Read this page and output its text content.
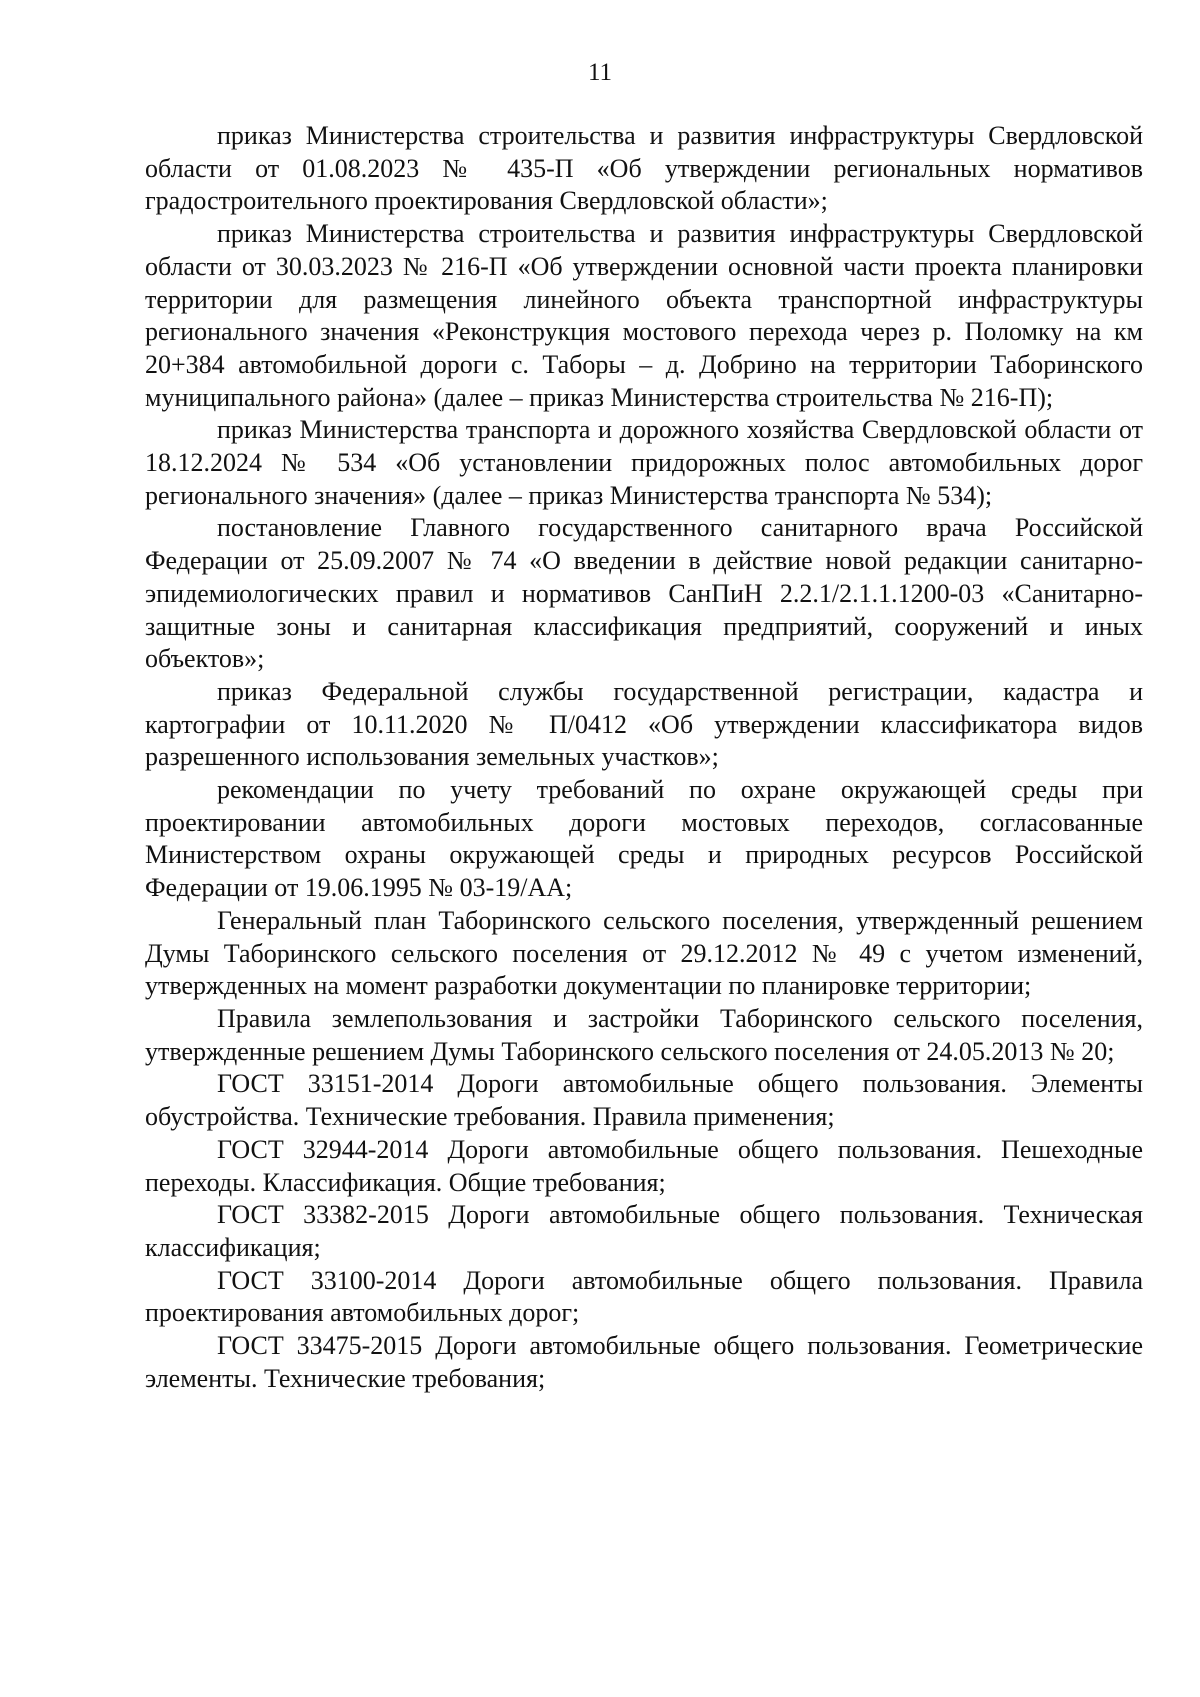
11

приказ Министерства строительства и развития инфраструктуры Свердловской области от 01.08.2023 № 435-П «Об утверждении региональных нормативов градостроительного проектирования Свердловской области»;

приказ Министерства строительства и развития инфраструктуры Свердловской области от 30.03.2023 № 216-П «Об утверждении основной части проекта планировки территории для размещения линейного объекта транспортной инфраструктуры регионального значения «Реконструкция мостового перехода через р. Поломку на км 20+384 автомобильной дороги с. Таборы – д. Добрино на территории Таборинского муниципального района» (далее – приказ Министерства строительства № 216-П);

приказ Министерства транспорта и дорожного хозяйства Свердловской области от 18.12.2024 № 534 «Об установлении придорожных полос автомобильных дорог регионального значения» (далее – приказ Министерства транспорта № 534);

постановление Главного государственного санитарного врача Российской Федерации от 25.09.2007 № 74 «О введении в действие новой редакции санитарно-эпидемиологических правил и нормативов СанПиН 2.2.1/2.1.1.1200-03 «Санитарно-защитные зоны и санитарная классификация предприятий, сооружений и иных объектов»;

приказ Федеральной службы государственной регистрации, кадастра и картографии от 10.11.2020 № П/0412 «Об утверждении классификатора видов разрешенного использования земельных участков»;

рекомендации по учету требований по охране окружающей среды при проектировании автомобильных дороги мостовых переходов, согласованные Министерством охраны окружающей среды и природных ресурсов Российской Федерации от 19.06.1995 № 03-19/АА;

Генеральный план Таборинского сельского поселения, утвержденный решением Думы Таборинского сельского поселения от 29.12.2012 № 49 с учетом изменений, утвержденных на момент разработки документации по планировке территории;

Правила землепользования и застройки Таборинского сельского поселения, утвержденные решением Думы Таборинского сельского поселения от 24.05.2013 № 20;

ГОСТ 33151-2014 Дороги автомобильные общего пользования. Элементы обустройства. Технические требования. Правила применения;

ГОСТ 32944-2014 Дороги автомобильные общего пользования. Пешеходные переходы. Классификация. Общие требования;

ГОСТ 33382-2015 Дороги автомобильные общего пользования. Техническая классификация;

ГОСТ 33100-2014 Дороги автомобильные общего пользования. Правила проектирования автомобильных дорог;

ГОСТ 33475-2015 Дороги автомобильные общего пользования. Геометрические элементы. Технические требования;
